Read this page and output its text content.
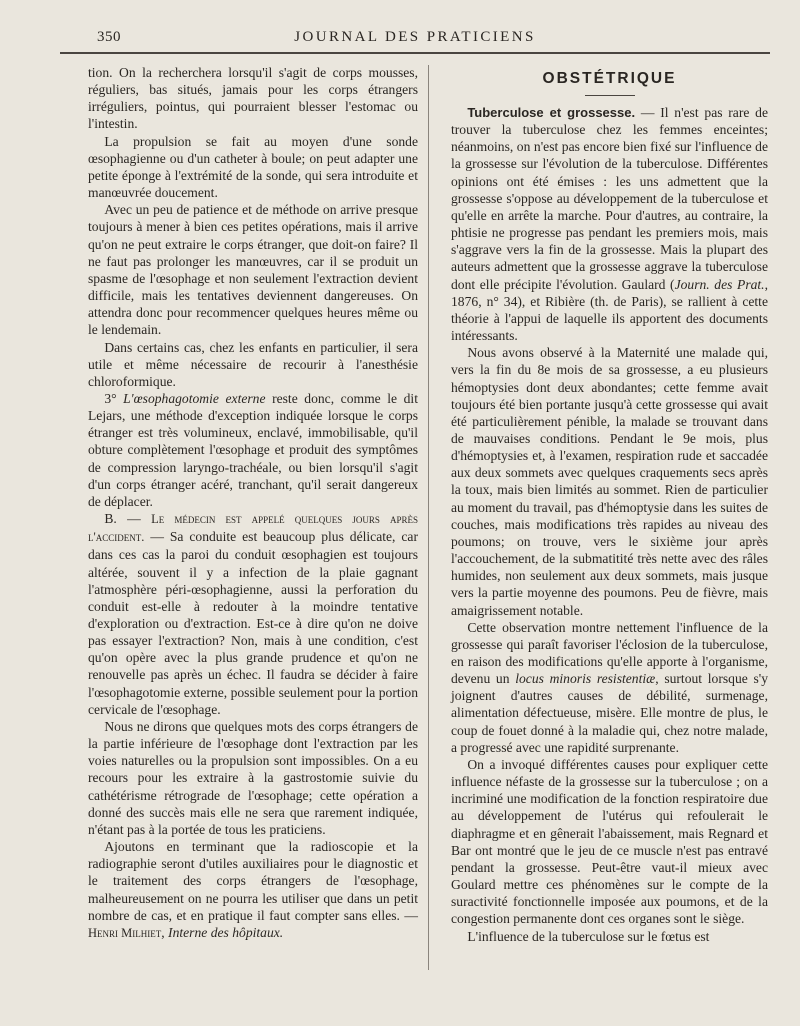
350	JOURNAL DES PRATICIENS

tion. On la recherchera lorsqu'il s'agit de corps mousses, réguliers, bas situés, jamais pour les corps étrangers irréguliers, pointus, qui pourraient blesser l'estomac ou l'intestin.

La propulsion se fait au moyen d'une sonde œsophagienne ou d'un catheter à boule; on peut adapter une petite éponge à l'extrémité de la sonde, qui sera introduite et manœuvrée doucement.

Avec un peu de patience et de méthode on arrive presque toujours à mener à bien ces petites opérations, mais il arrive qu'on ne peut extraire le corps étranger, que doit-on faire? Il ne faut pas prolonger les manœuvres, car il se produit un spasme de l'œsophage et non seulement l'extraction devient difficile, mais les tentatives deviennent dangereuses. On attendra donc pour recommencer quelques heures même ou le lendemain.

Dans certains cas, chez les enfants en particulier, il sera utile et même nécessaire de recourir à l'anesthésie chloroformique.

3° L'œsophagotomie externe reste donc, comme le dit Lejars, une méthode d'exception indiquée lorsque le corps étranger est très volumineux, enclavé, immobilisable, qu'il obture complètement l'œsophage et produit des symptômes de compression laryngo-trachéale, ou bien lorsqu'il s'agit d'un corps étranger acéré, tranchant, qu'il serait dangereux de déplacer.

B. — Le médecin est appelé quelques jours après l'accident. — Sa conduite est beaucoup plus délicate, car dans ces cas la paroi du conduit œsophagien est toujours altérée, souvent il y a infection de la plaie gagnant l'atmosphère péri-œsophagienne, aussi la perforation du conduit est-elle à redouter à la moindre tentative d'exploration ou d'extraction. Est-ce à dire qu'on ne doive pas essayer l'extraction? Non, mais à une condition, c'est qu'on opère avec la plus grande prudence et qu'on ne renouvelle pas après un échec. Il faudra se décider à faire l'œsophagotomie externe, possible seulement pour la portion cervicale de l'œsophage.

Nous ne dirons que quelques mots des corps étrangers de la partie inférieure de l'œsophage dont l'extraction par les voies naturelles ou la propulsion sont impossibles. On a eu recours pour les extraire à la gastrostomie suivie du cathétérisme rétrograde de l'œsophage; cette opération a donné des succès mais elle ne sera que rarement indiquée, n'étant pas à la portée de tous les praticiens.

Ajoutons en terminant que la radioscopie et la radiographie seront d'utiles auxiliaires pour le diagnostic et le traitement des corps étrangers de l'œsophage, malheureusement on ne pourra les utiliser que dans un petit nombre de cas, et en pratique il faut compter sans elles. — Henri Milhiet, Interne des hôpitaux.

OBSTÉTRIQUE

Tuberculose et grossesse. — Il n'est pas rare de trouver la tuberculose chez les femmes enceintes; néanmoins, on n'est pas encore bien fixé sur l'influence de la grossesse sur l'évolution de la tuberculose. Différentes opinions ont été émises : les uns admettent que la grossesse s'oppose au développement de la tuberculose et qu'elle en arrête la marche. Pour d'autres, au contraire, la phtisie ne progresse pas pendant les premiers mois, mais s'aggrave vers la fin de la grossesse. Mais la plupart des auteurs admettent que la grossesse aggrave la tuberculose dont elle précipite l'évolution. Gaulard (Journ. des Prat., 1876, n° 34), et Ribière (th. de Paris), se rallient à cette théorie à l'appui de laquelle ils apportent des documents intéressants.

Nous avons observé à la Maternité une malade qui, vers la fin du 8e mois de sa grossesse, a eu plusieurs hémoptysies dont deux abondantes; cette femme avait toujours été bien portante jusqu'à cette grossesse qui avait été particulièrement pénible, la malade se trouvant dans de mauvaises conditions. Pendant le 9e mois, plus d'hémoptysies et, à l'examen, respiration rude et saccadée aux deux sommets avec quelques craquements secs après la toux, mais bien limités au sommet. Rien de particulier au moment du travail, pas d'hémoptysie dans les suites de couches, mais modifications très rapides au niveau des poumons; on trouve, vers le sixième jour après l'accouchement, de la submatitité très nette avec des râles humides, non seulement aux deux sommets, mais jusque vers la partie moyenne des poumons. Peu de fièvre, mais amaigrissement notable.

Cette observation montre nettement l'influence de la grossesse qui paraît favoriser l'éclosion de la tuberculose, en raison des modifications qu'elle apporte à l'organisme, devenu un locus minoris resistentiæ, surtout lorsque s'y joignent d'autres causes de débilité, surmenage, alimentation défectueuse, misère. Elle montre de plus, le coup de fouet donné à la maladie qui, chez notre malade, a progressé avec une rapidité surprenante.

On a invoqué différentes causes pour expliquer cette influence néfaste de la grossesse sur la tuberculose ; on a incriminé une modification de la fonction respiratoire due au développement de l'utérus qui refoulerait le diaphragme et en gênerait l'abaissement, mais Regnard et Bar ont montré que le jeu de ce muscle n'est pas entravé pendant la grossesse. Peut-être vaut-il mieux avec Goulard mettre ces phénomènes sur le compte de la suractivité fonctionnelle imposée aux poumons, et de la congestion permanente dont ces organes sont le siège.

L'influence de la tuberculose sur le fœtus est
